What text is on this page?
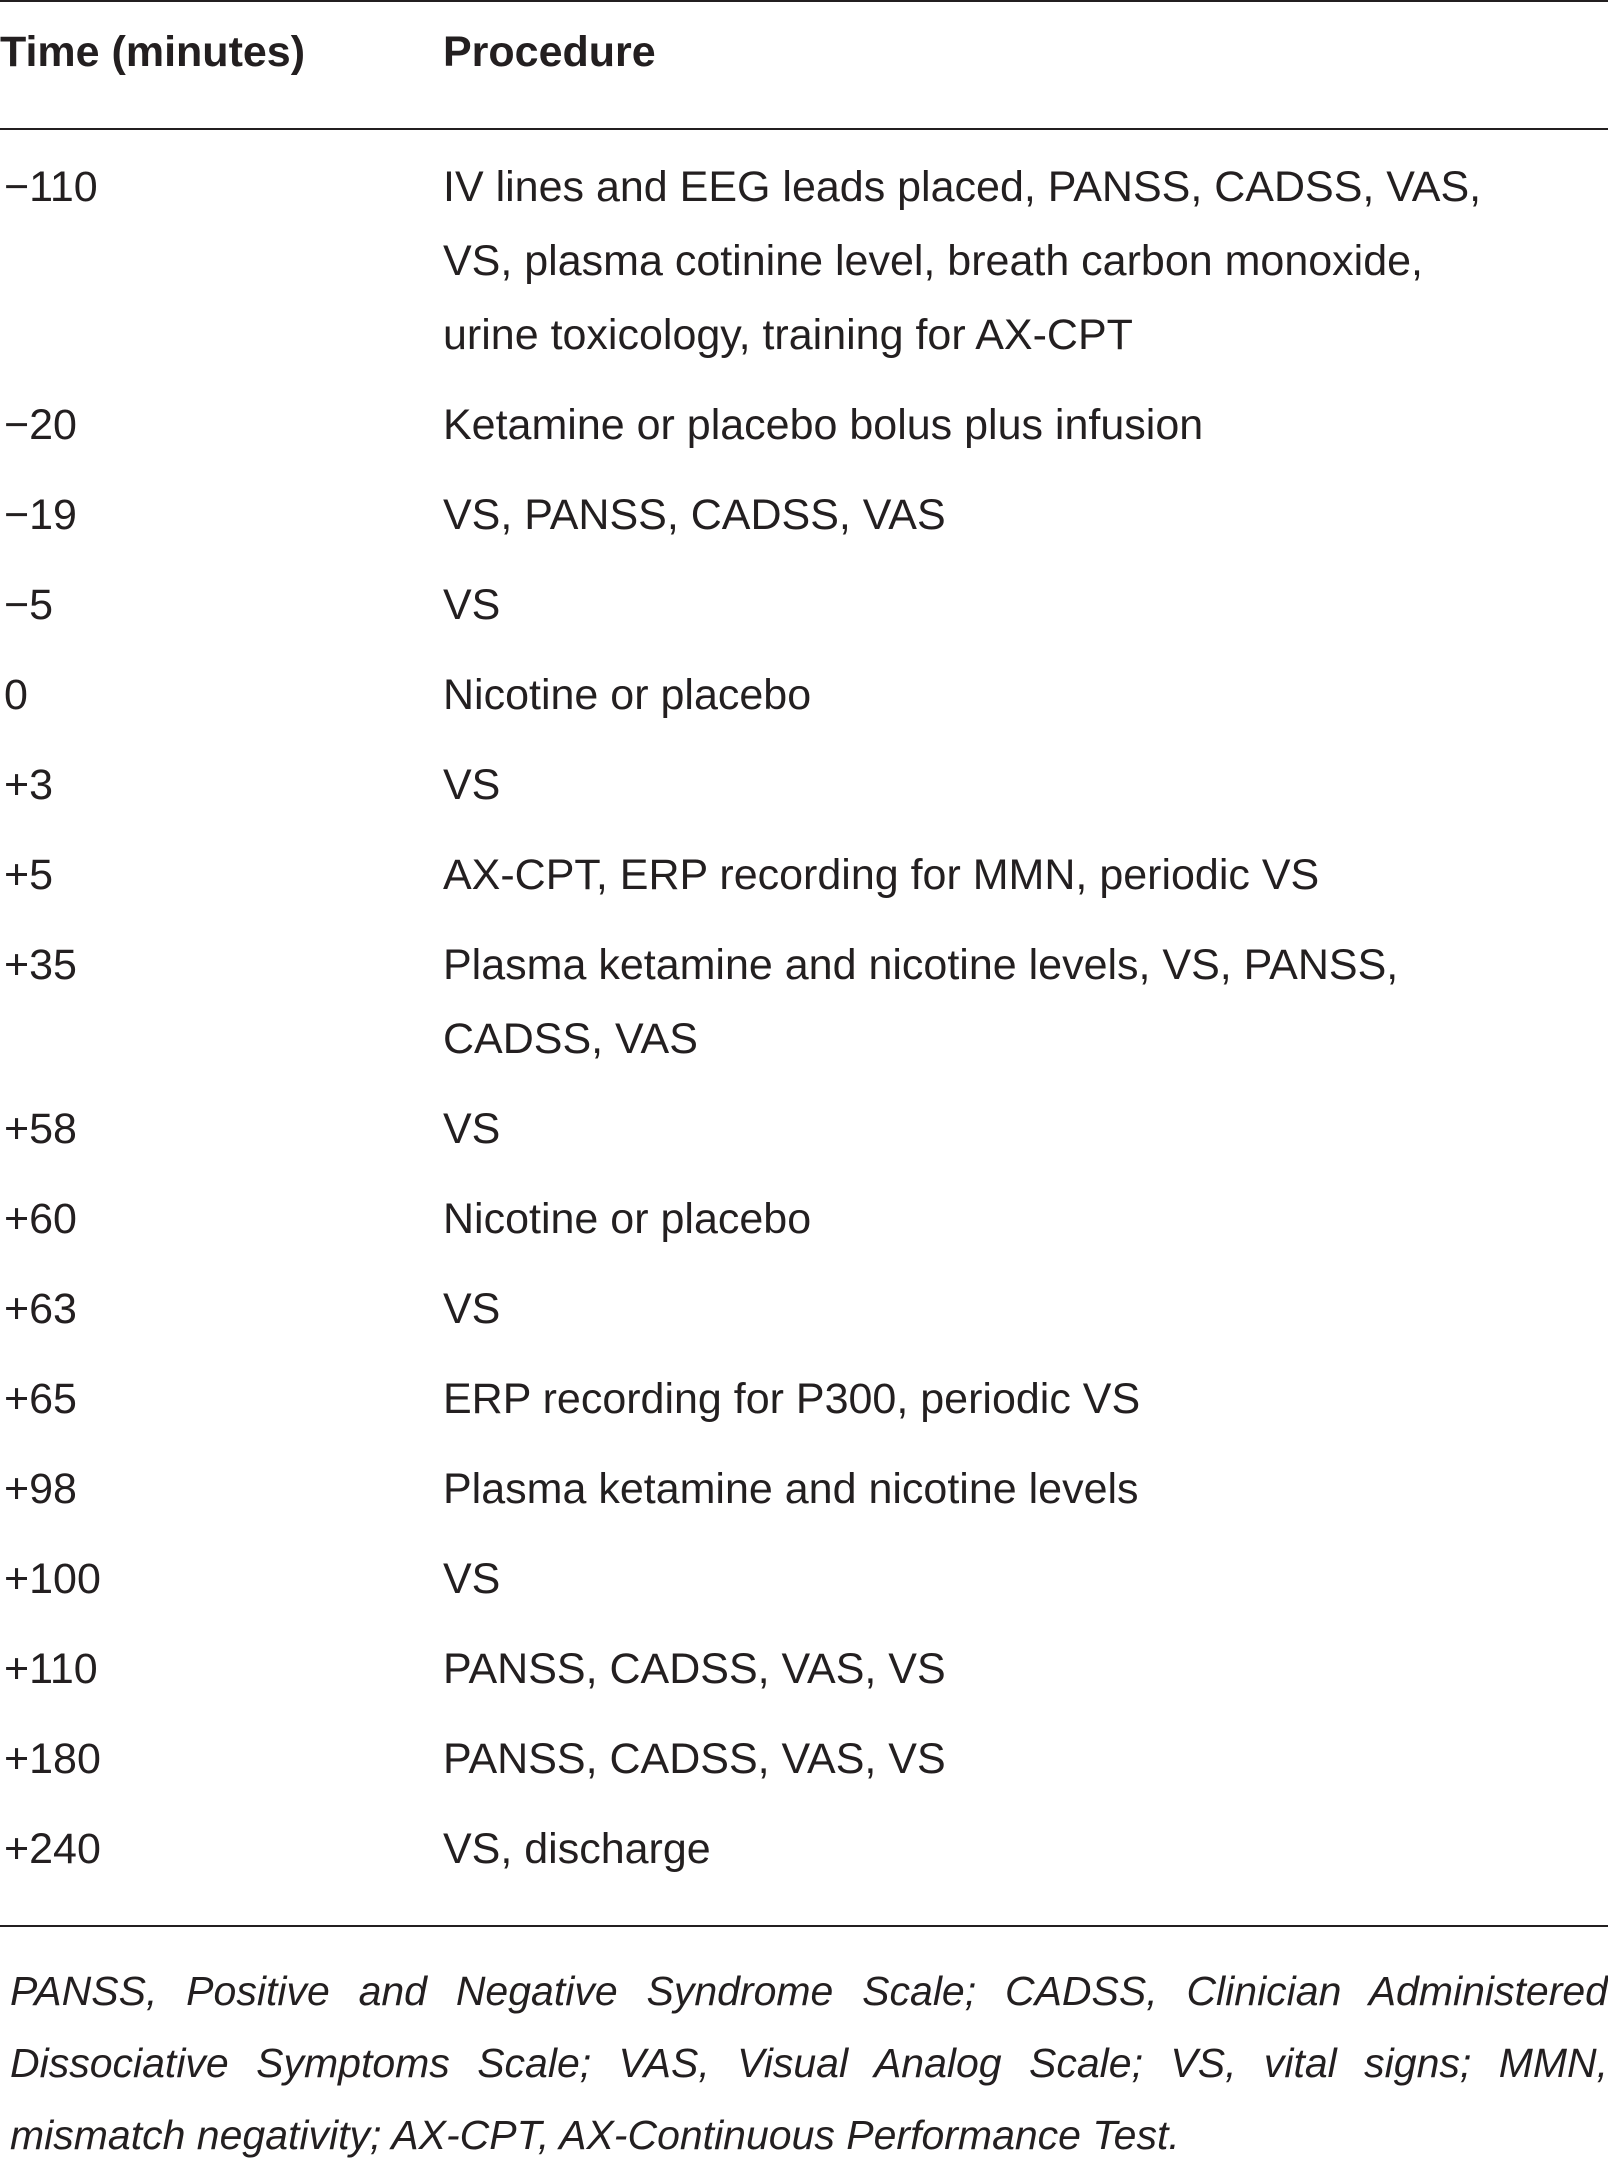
Time (minutes)	Procedure
−110	IV lines and EEG leads placed, PANSS, CADSS, VAS,
VS, plasma cotinine level, breath carbon monoxide,
urine toxicology, training for AX-CPT
−20	Ketamine or placebo bolus plus infusion
−19	VS, PANSS, CADSS, VAS
−5	VS
0	Nicotine or placebo
+3	VS
+5	AX-CPT, ERP recording for MMN, periodic VS
+35	Plasma ketamine and nicotine levels, VS, PANSS,
CADSS, VAS
+58	VS
+60	Nicotine or placebo
+63	VS
+65	ERP recording for P300, periodic VS
+98	Plasma ketamine and nicotine levels
+100	VS
+110	PANSS, CADSS, VAS, VS
+180	PANSS, CADSS, VAS, VS
+240	VS, discharge
PANSS, Positive and Negative Syndrome Scale; CADSS, Clinician Administered Dissociative Symptoms Scale; VAS, Visual Analog Scale; VS, vital signs; MMN, mismatch negativity; AX-CPT, AX-Continuous Performance Test.
